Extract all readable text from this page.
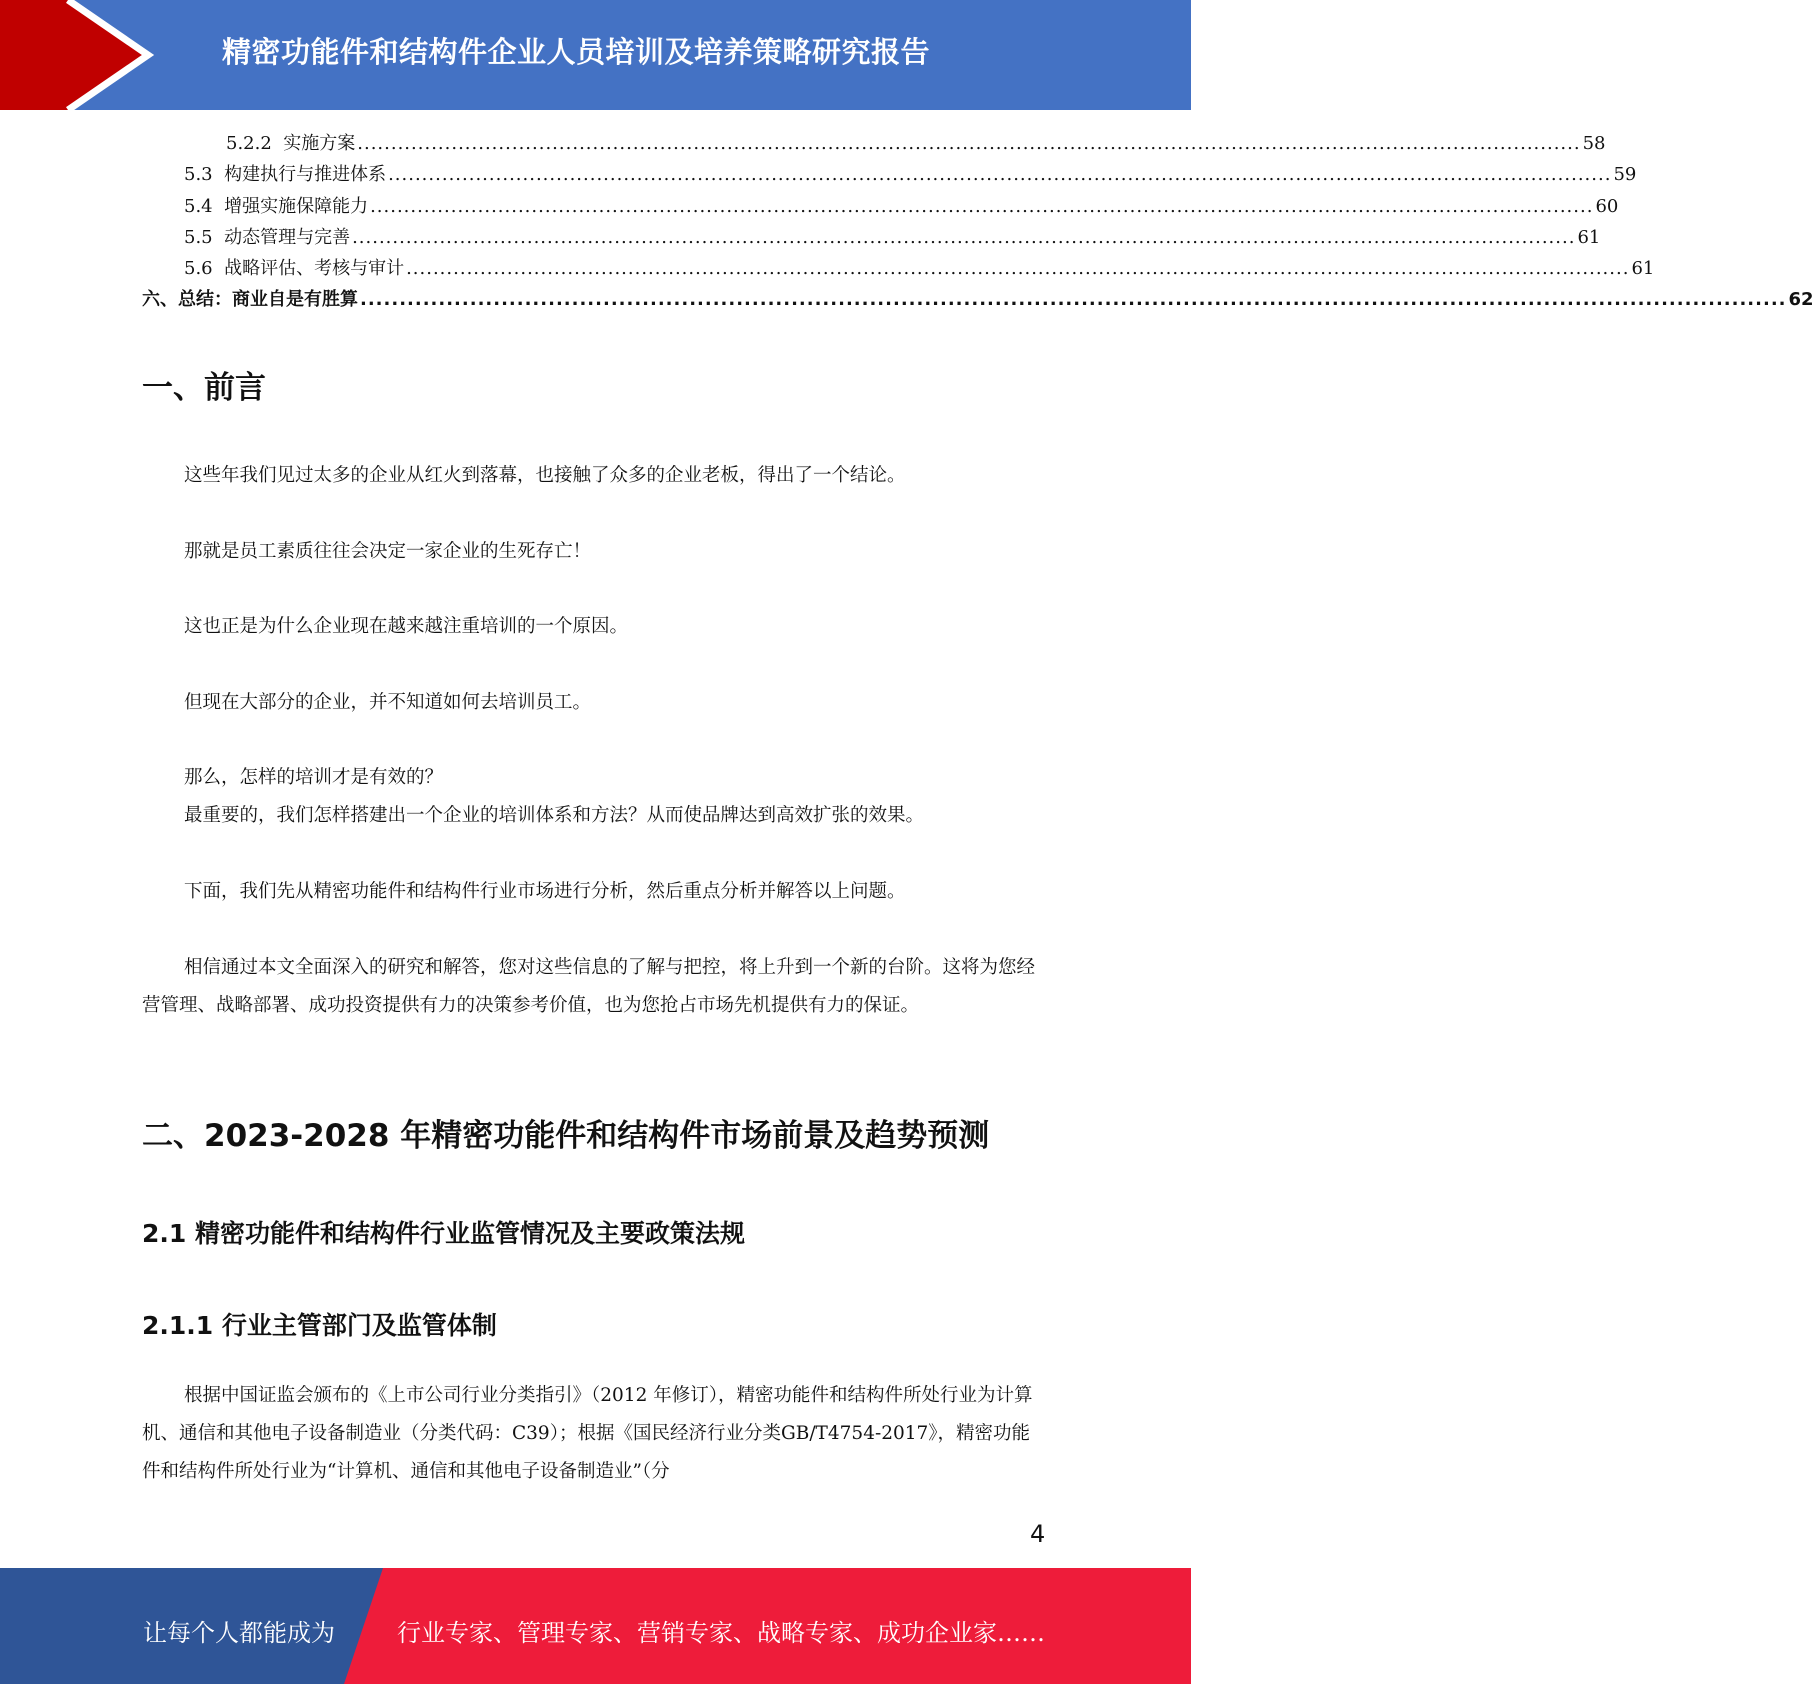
精密功能件和结构件企业人员培训及培养策略研究报告
5.2.2 实施方案 ...................................................................................................................................................................................... 58
5.3 构建执行与推进体系 ...................................................................................................................................................................................... 59
5.4 增强实施保障能力 ...................................................................................................................................................................................... 60
5.5 动态管理与完善 ...................................................................................................................................................................................... 61
5.6 战略评估、考核与审计 ...................................................................................................................................................................................... 61
六、总结：商业自是有胜算 ...................................................................................................................................................................................... 62
一、前言
这些年我们见过太多的企业从红火到落幕，也接触了众多的企业老板，得出了一个结论。
那就是员工素质往往会决定一家企业的生死存亡！
这也正是为什么企业现在越来越注重培训的一个原因。
但现在大部分的企业，并不知道如何去培训员工。
那么，怎样的培训才是有效的？
最重要的，我们怎样搭建出一个企业的培训体系和方法？从而使品牌达到高效扩张的效果。
下面，我们先从精密功能件和结构件行业市场进行分析，然后重点分析并解答以上问题。
相信通过本文全面深入的研究和解答，您对这些信息的了解与把控，将上升到一个新的台阶。这将为您经营管理、战略部署、成功投资提供有力的决策参考价值，也为您抢占市场先机提供有力的保证。
二、2023-2028 年精密功能件和结构件市场前景及趋势预测
2.1 精密功能件和结构件行业监管情况及主要政策法规
2.1.1 行业主管部门及监管体制
根据中国证监会颁布的《上市公司行业分类指引》（2012 年修订），精密功能件和结构件所处行业为计算机、通信和其他电子设备制造业（分类代码：C39）；根据《国民经济行业分类GB/T4754-2017》，精密功能件和结构件所处行业为“计算机、通信和其他电子设备制造业”（分
4
让每个人都能成为	行业专家、管理专家、营销专家、战略专家、成功企业家……
